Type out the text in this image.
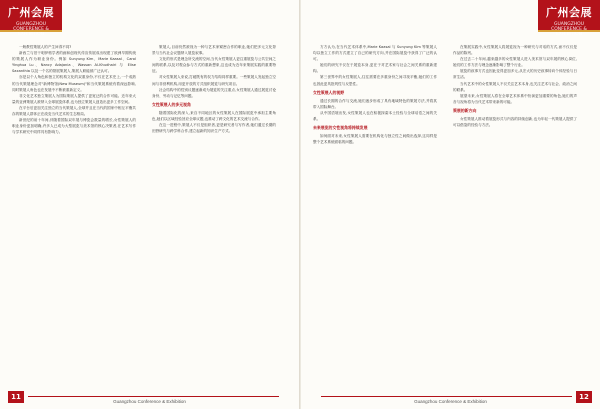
广州会展
GUANGZHOU EXHIBITION

一般教性策展人的产生问得不同?

新西兰与旧干明伊格学者的画和创现代传宣传展成出现建了欧洲早期传统的策展人作为职业身份。例如 Sunyung Kim、Marie Kaasal、Carol Yinghua Lu、Nancy Adajania、Wassan Al-Khudhairi 与 Elise Saxanthia 以及一个名的领展策展人,策展人职能被广泛认可。

亦是以个人角色和独立的机构文化的双重身份,不仅在艺术史上,一个成熟的当代策展理念对"新博物馆(New Museum)"和当代策展系统有着深远影响,同时策展人角色也在发展中不断被重新定义。

非文化艺术独立策展人为国际策展人提供了更宽泛的合作可能。近年来大量的亚洲策展人被纳入全球展览体系,也为独立策展人创造出更多工作空间。

在平台后更加关注独立的当代策展人,全球并且在当代的国家中相互平衡共存的策展人群体正在改变当代艺术的生态格局。

新世纪的前十年间,伴随着国际双年展与博览会数量的增长,女性策展人的职业身份更加明确,许多人已成为大型展览与美术馆的核心决策者,在艺术写作与学术研究中同样具有影响力。

策展人,目前仍然被视为一种与艺术家紧密合作的职业,她们把多元文化背景与当代社会议题纳入展览叙事。

文化的形式是理念所交流的空间,当代女性策展人更注重展览与公共空间之间的联系,以及对观众参与方式的重新想象,这也成为近年来策展实践的重要特征。

对女性策展人来说,打破既有的权力结构同样重要。一些策展人发起独立空间与非营利机构,用更开放的方式组织展览与研究项目。

社会结构中的性别议题逐渐成为展览的关注重点,女性策展人通过展览讨论身份、劳动与记忆等问题。

女性策展人的多元视角

随着国际化的深入,来自不同地区的女性策展人在国际展览中承担主要角色,她们以区域经验回应全球议题,也推动了跨文化的艺术交流与合作。

在这一进程中,策展人不仅是组织者,更是研究者与写作者,她们通过长期的田野研究与跨学科合作,建立起新的知识生产方式。

11
Guangzhou Conference & Exhibition
广州会展
GUANGZHOU EXHIBITION

方方认为,在当代艺术体系中,Marie Kaasal 与 Sunyung Kim 等策展人均以独立工作的方式建立了自己的研究方向,并在国际展览中获得了广泛的认可。

她们的研究不仅在于展览本身,更在于对艺术家与社会之间关系的重新建构。

第三世界中的女性策展人,往往需要在多重身份之间寻找平衡,她们的工作也因此更具批判性与反思性。

女性策展人的视野

通过长期的合作与交流,她们逐步形成了具有地域特色的策展方法,并将其带入国际舞台。

从中国语境出发,女性策展人也在积极探索本土经验与全球话语之间的关系。

未来展览的女性视角将持续发展

如何面对未来,女性策展人需要在机构化与独立性之间做出选择,这同样是整个艺术系统面临的问题。

在策展实践中,女性策展人将展览视为一种研究与对话的方式,而不仅仅是作品的陈列。

在过去二十年间,越来越多的女性策展人进入美术馆与双年展的核心岗位,她们的工作方法与理念逐渐影响了整个行业。

展览的叙事方式也因此变得更加多元,从宏大的历史叙事转向个体经验与日常生活。

当代艺术中的女性策展人不仅关注艺术本身,也关注艺术与社会、政治之间的联系。

展望未来,女性策展人将在全球艺术体系中扮演更加重要的角色,她们的声音与视角将为当代艺术带来新的可能。

策展的新方向

女性策展人推动着展览形式与内容的持续创新,也为年轻一代策展人提供了可以借鉴的经验与方法。

12
Guangzhou Conference & Exhibition
